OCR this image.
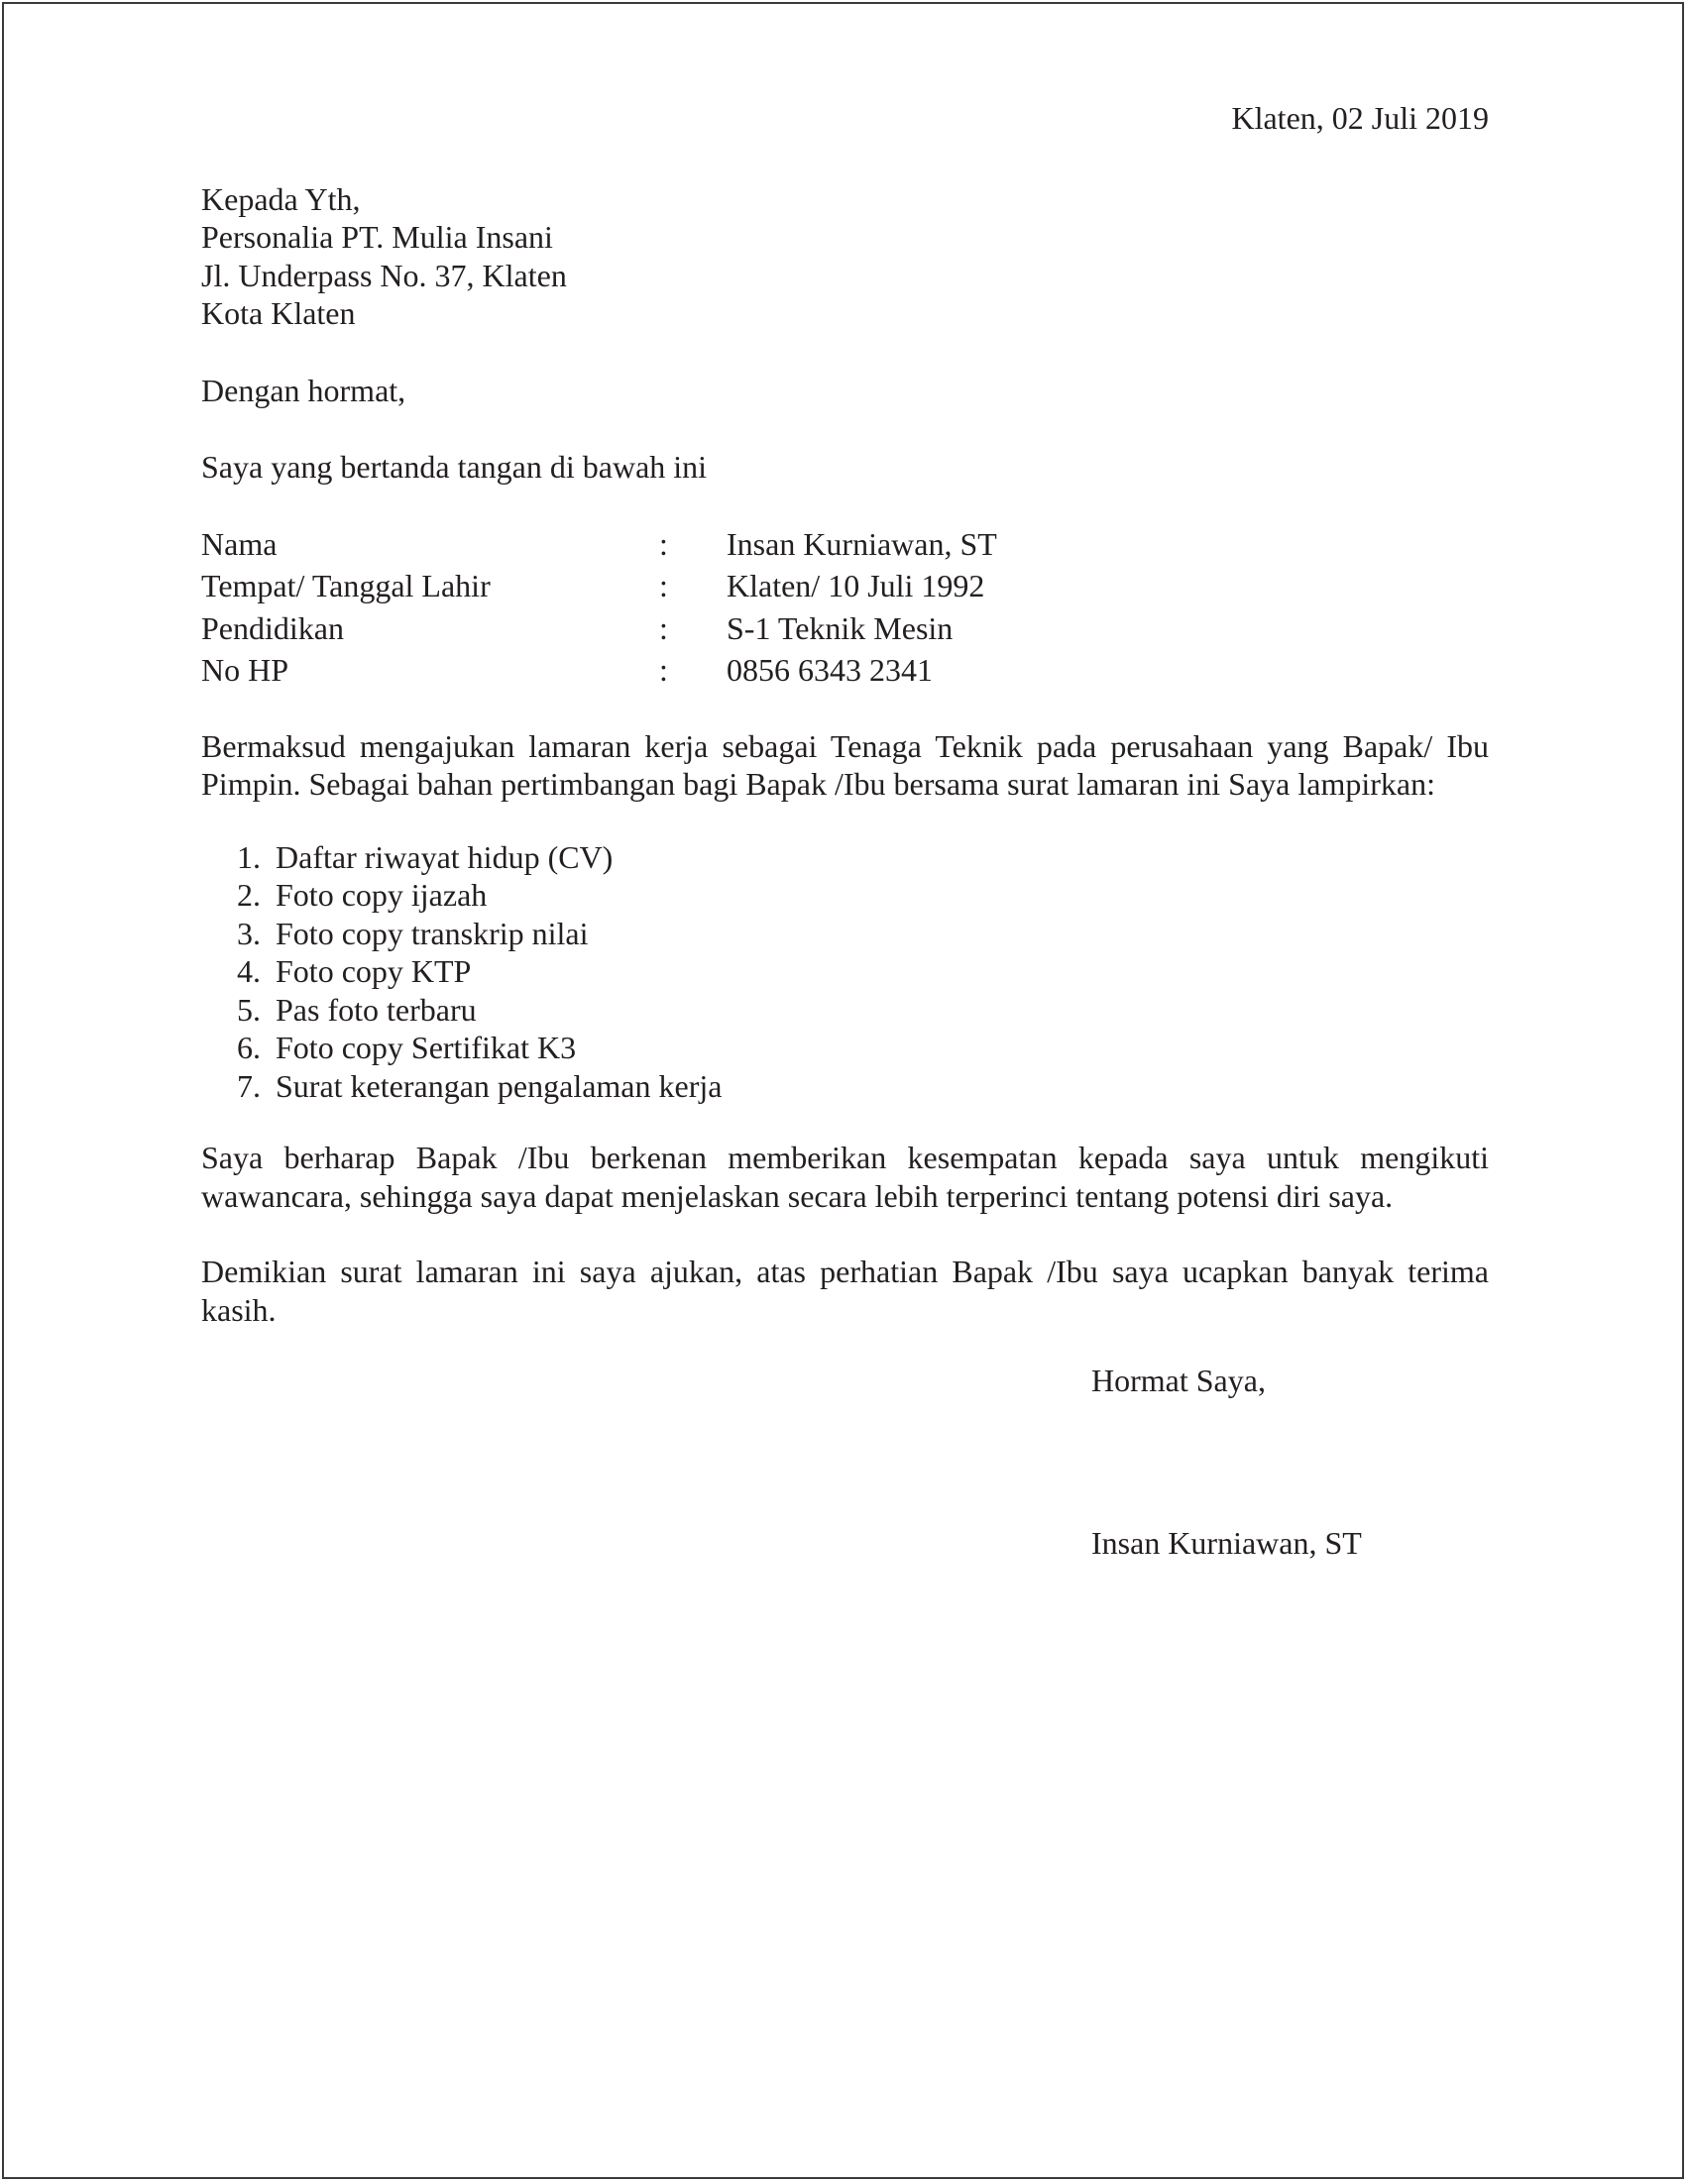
Klaten, 02 Juli 2019

Kepada Yth,
Personalia PT. Mulia Insani
Jl. Underpass No. 37, Klaten
Kota Klaten

Dengan hormat,

Saya yang bertanda tangan di bawah ini

Nama	:	Insan Kurniawan, ST
Tempat/ Tanggal Lahir	:	Klaten/ 10 Juli 1992
Pendidikan	:	S-1 Teknik Mesin
No HP	:	0856 6343 2341

Bermaksud mengajukan lamaran kerja sebagai Tenaga Teknik pada perusahaan yang Bapak/ Ibu Pimpin. Sebagai bahan pertimbangan bagi Bapak /Ibu bersama surat lamaran ini Saya lampirkan:

1. Daftar riwayat hidup (CV)
2. Foto copy ijazah
3. Foto copy transkrip nilai
4. Foto copy KTP
5. Pas foto terbaru
6. Foto copy Sertifikat K3
7. Surat keterangan pengalaman kerja

Saya berharap Bapak /Ibu berkenan memberikan kesempatan kepada saya untuk mengikuti wawancara, sehingga saya dapat menjelaskan secara lebih terperinci tentang potensi diri saya.

Demikian surat lamaran ini saya ajukan, atas perhatian Bapak /Ibu saya ucapkan banyak terima kasih.

Hormat Saya,

Insan Kurniawan, ST
